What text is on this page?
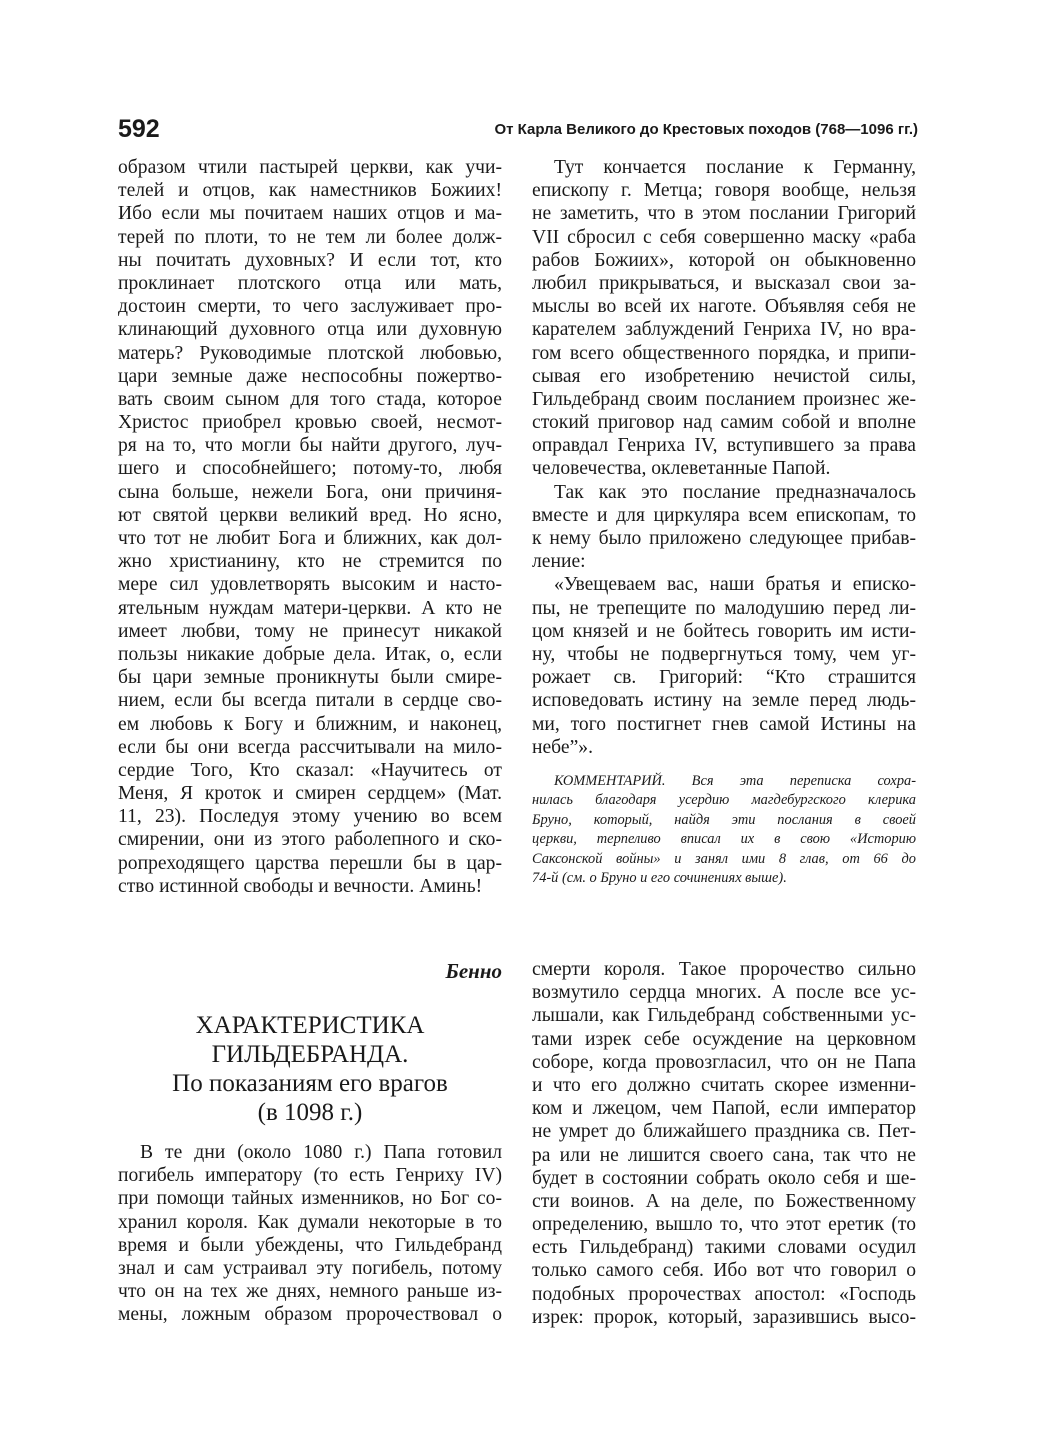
592	От Карла Великого до Крестовых походов (768—1096 гг.)
образом чтили пастырей церкви, как учи-
телей и отцов, как наместников Божиих!
Ибо если мы почитаем наших отцов и ма-
терей по плоти, то не тем ли более долж-
ны почитать духовных? И если тот, кто
проклинает плотского отца или мать,
достоин смерти, то чего заслуживает про-
клинающий духовного отца или духовную
матерь? Руководимые плотской любовью,
цари земные даже неспособны пожертво-
вать своим сыном для того стада, которое
Христос приобрел кровью своей, несмот-
ря на то, что могли бы найти другого, луч-
шего и способнейшего; потому-то, любя
сына больше, нежели Бога, они причиня-
ют святой церкви великий вред. Но ясно,
что тот не любит Бога и ближних, как дол-
жно христианину, кто не стремится по
мере сил удовлетворять высоким и насто-
ятельным нуждам матери-церкви. А кто не
имеет любви, тому не принесут никакой
пользы никакие добрые дела. Итак, о, если
бы цари земные проникнуты были смире-
нием, если бы всегда питали в сердце сво-
ем любовь к Богу и ближним, и наконец,
если бы они всегда рассчитывали на мило-
сердие Того, Кто сказал: «Научитесь от
Меня, Я кроток и смирен сердцем» (Мат.
11, 23). Последуя этому учению во всем
смирении, они из этого раболепного и ско-
ропреходящего царства перешли бы в цар-
ство истинной свободы и вечности. Аминь!
Тут кончается послание к Германну,
епископу г. Метца; говоря вообще, нельзя
не заметить, что в этом послании Григорий
VII сбросил с себя совершенно маску «раба
рабов Божиих», которой он обыкновенно
любил прикрываться, и высказал свои за-
мыслы во всей их наготе. Объявляя себя не
карателем заблуждений Генриха IV, но вра-
гом всего общественного порядка, и припи-
сывая его изобретению нечистой силы,
Гильдебранд своим посланием произнес же-
стокий приговор над самим собой и вполне
оправдал Генриха IV, вступившего за права
человечества, оклеветанные Папой.
Так как это послание предназначалось
вместе и для циркуляра всем епископам, то
к нему было приложено следующее прибав-
ление:
«Увещеваем вас, наши братья и еписко-
пы, не трепещите по малодушию перед ли-
цом князей и не бойтесь говорить им исти-
ну, чтобы не подвергнуться тому, чем уг-
рожает св. Григорий: “Кто страшится
исповедовать истину на земле перед людь-
ми, того постигнет гнев самой Истины на
небе”».
КОММЕНТАРИЙ. Вся эта переписка сохра-
нилась благодаря усердию магдебургского клерика
Бруно, который, найдя эти послания в своей
церкви, терпеливо вписал их в свою «Историю
Саксонской войны» и занял ими 8 глав, от 66 до
74-й (см. о Бруно и его сочинениях выше).
Бенно
ХАРАКТЕРИСТИКА
ГИЛЬДЕБРАНДА.
По показаниям его врагов
(в 1098 г.)
В те дни (около 1080 г.) Папа готовил
погибель императору (то есть Генриху IV)
при помощи тайных изменников, но Бог со-
хранил короля. Как думали некоторые в то
время и были убеждены, что Гильдебранд
знал и сам устраивал эту погибель, потому
что он на тех же днях, немного раньше из-
мены, ложным образом пророчествовал о
смерти короля. Такое пророчество сильно
возмутило сердца многих. А после все ус-
лышали, как Гильдебранд собственными ус-
тами изрек себе осуждение на церковном
соборе, когда провозгласил, что он не Папа
и что его должно считать скорее изменни-
ком и лжецом, чем Папой, если император
не умрет до ближайшего праздника св. Пет-
ра или не лишится своего сана, так что не
будет в состоянии собрать около себя и ше-
сти воинов. А на деле, по Божественному
определению, вышло то, что этот еретик (то
есть Гильдебранд) такими словами осудил
только самого себя. Ибо вот что говорил о
подобных пророчествах апостол: «Господь
изрек: пророк, который, заразившись высо-
